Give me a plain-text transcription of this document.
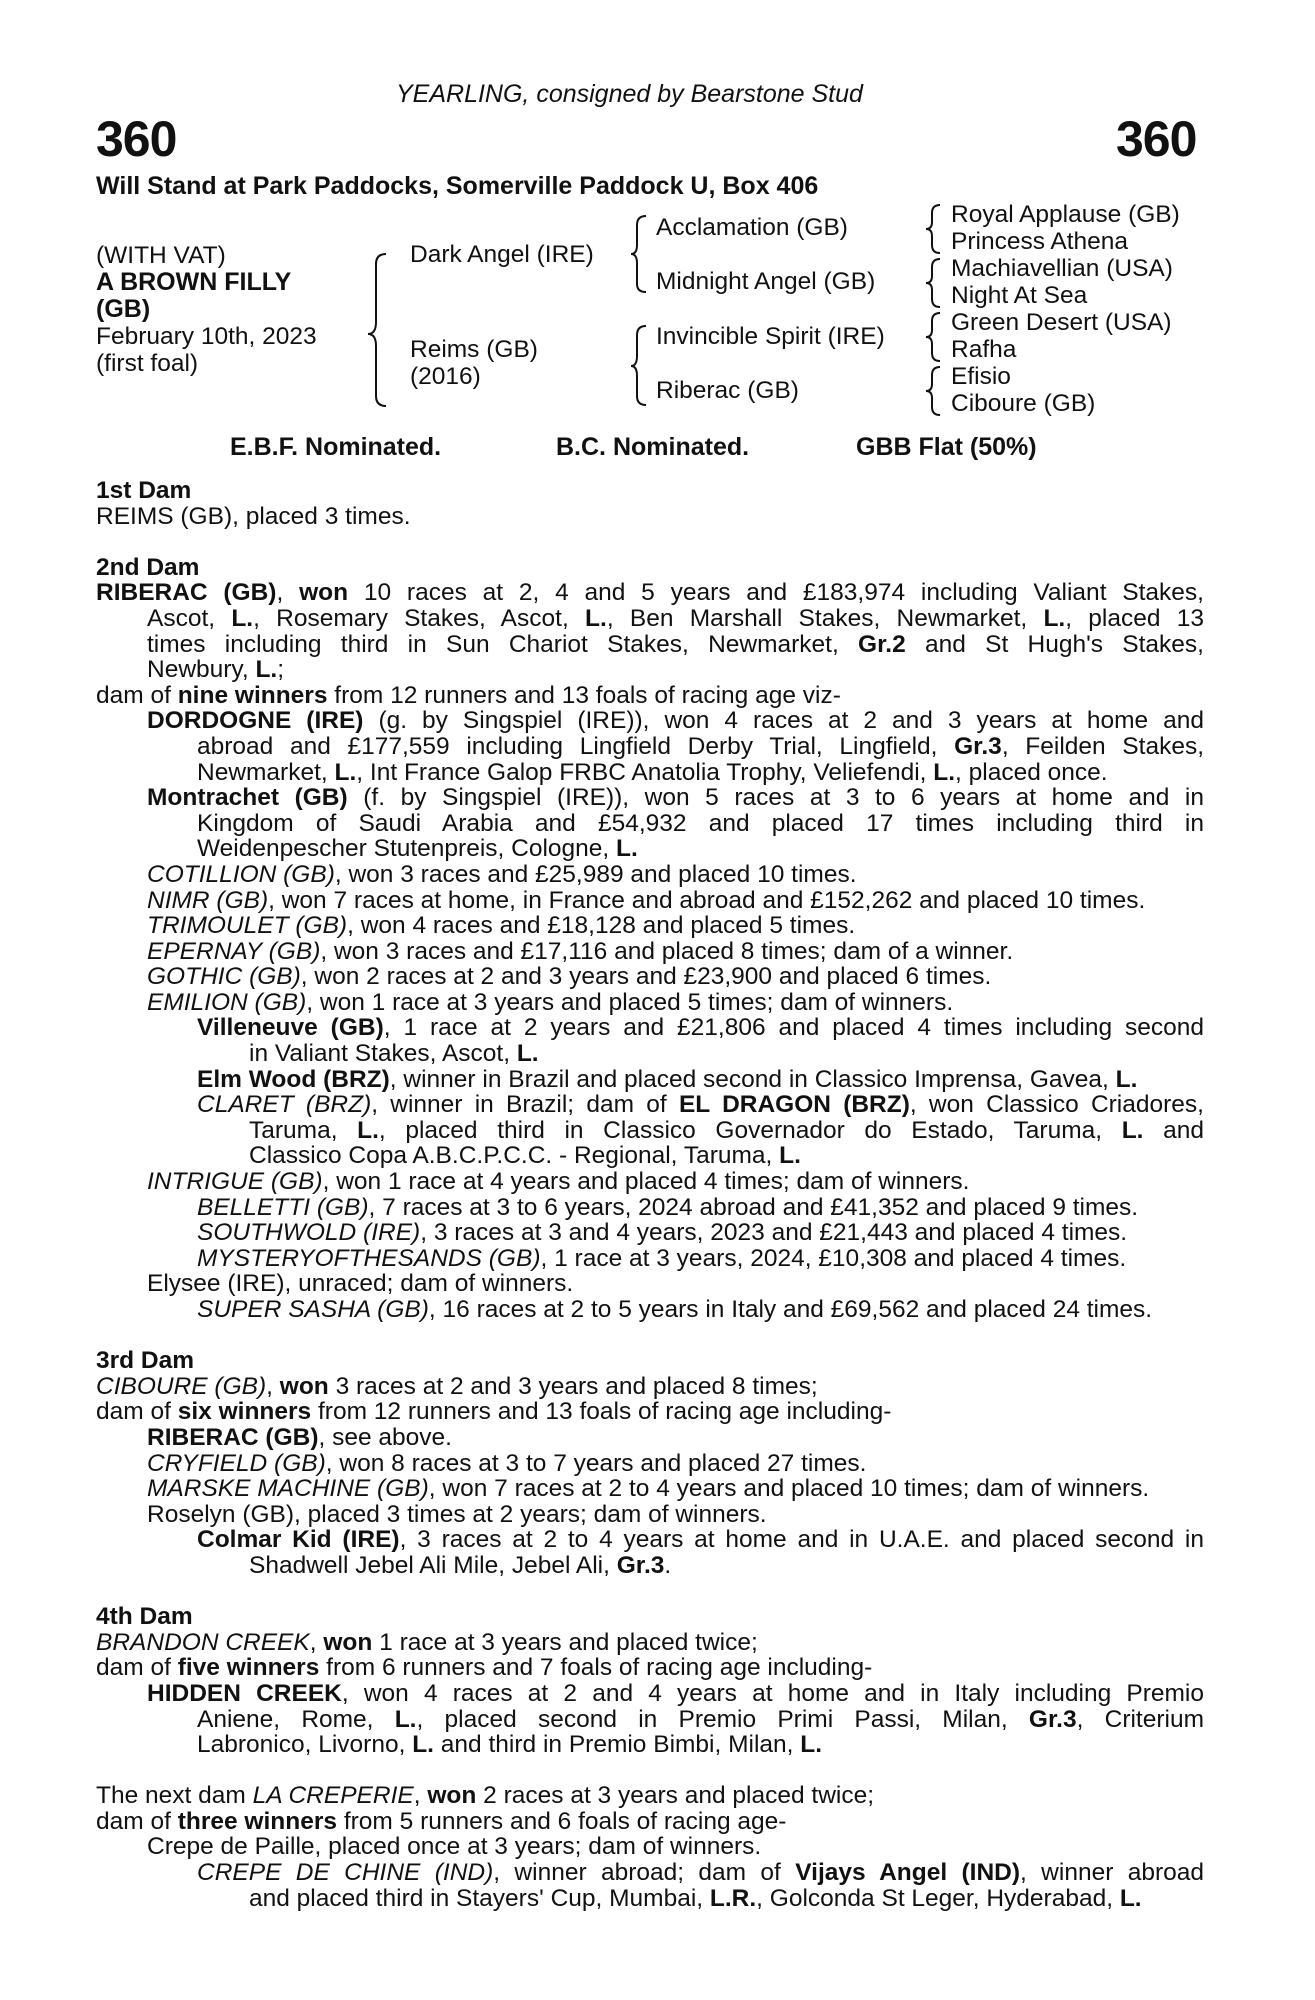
YEARLING, consigned by Bearstone Stud
360	360
Will Stand at Park Paddocks, Somerville Paddock U, Box 406
(WITH VAT)
A BROWN FILLY
(GB)
February 10th, 2023
(first foal)
Dark Angel (IRE)
Reims (GB)
(2016)
Acclamation (GB)
Midnight Angel (GB)
Invincible Spirit (IRE)
Riberac (GB)
Royal Applause (GB)
Princess Athena
Machiavellian (USA)
Night At Sea
Green Desert (USA)
Rafha
Efisio
Ciboure (GB)
E.B.F. Nominated.	B.C. Nominated.	GBB Flat (50%)
1st Dam
REIMS (GB), placed 3 times.
2nd Dam
RIBERAC (GB), won 10 races at 2, 4 and 5 years and £183,974 including Valiant Stakes,
Ascot, L., Rosemary Stakes, Ascot, L., Ben Marshall Stakes, Newmarket, L., placed 13
times including third in Sun Chariot Stakes, Newmarket, Gr.2 and St Hugh's Stakes,
Newbury, L.;
dam of nine winners from 12 runners and 13 foals of racing age viz-
DORDOGNE (IRE) (g. by Singspiel (IRE)), won 4 races at 2 and 3 years at home and
abroad and £177,559 including Lingfield Derby Trial, Lingfield, Gr.3, Feilden Stakes,
Newmarket, L., Int France Galop FRBC Anatolia Trophy, Veliefendi, L., placed once.
Montrachet (GB) (f. by Singspiel (IRE)), won 5 races at 3 to 6 years at home and in
Kingdom of Saudi Arabia and £54,932 and placed 17 times including third in
Weidenpescher Stutenpreis, Cologne, L.
COTILLION (GB), won 3 races and £25,989 and placed 10 times.
NIMR (GB), won 7 races at home, in France and abroad and £152,262 and placed 10 times.
TRIMOULET (GB), won 4 races and £18,128 and placed 5 times.
EPERNAY (GB), won 3 races and £17,116 and placed 8 times; dam of a winner.
GOTHIC (GB), won 2 races at 2 and 3 years and £23,900 and placed 6 times.
EMILION (GB), won 1 race at 3 years and placed 5 times; dam of winners.
Villeneuve (GB), 1 race at 2 years and £21,806 and placed 4 times including second
in Valiant Stakes, Ascot, L.
Elm Wood (BRZ), winner in Brazil and placed second in Classico Imprensa, Gavea, L.
CLARET (BRZ), winner in Brazil; dam of EL DRAGON (BRZ), won Classico Criadores,
Taruma, L., placed third in Classico Governador do Estado, Taruma, L. and
Classico Copa A.B.C.P.C.C. - Regional, Taruma, L.
INTRIGUE (GB), won 1 race at 4 years and placed 4 times; dam of winners.
BELLETTI (GB), 7 races at 3 to 6 years, 2024 abroad and £41,352 and placed 9 times.
SOUTHWOLD (IRE), 3 races at 3 and 4 years, 2023 and £21,443 and placed 4 times.
MYSTERYOFTHESANDS (GB), 1 race at 3 years, 2024, £10,308 and placed 4 times.
Elysee (IRE), unraced; dam of winners.
SUPER SASHA (GB), 16 races at 2 to 5 years in Italy and £69,562 and placed 24 times.
3rd Dam
CIBOURE (GB), won 3 races at 2 and 3 years and placed 8 times;
dam of six winners from 12 runners and 13 foals of racing age including-
RIBERAC (GB), see above.
CRYFIELD (GB), won 8 races at 3 to 7 years and placed 27 times.
MARSKE MACHINE (GB), won 7 races at 2 to 4 years and placed 10 times; dam of winners.
Roselyn (GB), placed 3 times at 2 years; dam of winners.
Colmar Kid (IRE), 3 races at 2 to 4 years at home and in U.A.E. and placed second in
Shadwell Jebel Ali Mile, Jebel Ali, Gr.3.
4th Dam
BRANDON CREEK, won 1 race at 3 years and placed twice;
dam of five winners from 6 runners and 7 foals of racing age including-
HIDDEN CREEK, won 4 races at 2 and 4 years at home and in Italy including Premio
Aniene, Rome, L., placed second in Premio Primi Passi, Milan, Gr.3, Criterium
Labronico, Livorno, L. and third in Premio Bimbi, Milan, L.
The next dam LA CREPERIE, won 2 races at 3 years and placed twice;
dam of three winners from 5 runners and 6 foals of racing age-
Crepe de Paille, placed once at 3 years; dam of winners.
CREPE DE CHINE (IND), winner abroad; dam of Vijays Angel (IND), winner abroad
and placed third in Stayers' Cup, Mumbai, L.R., Golconda St Leger, Hyderabad, L.
